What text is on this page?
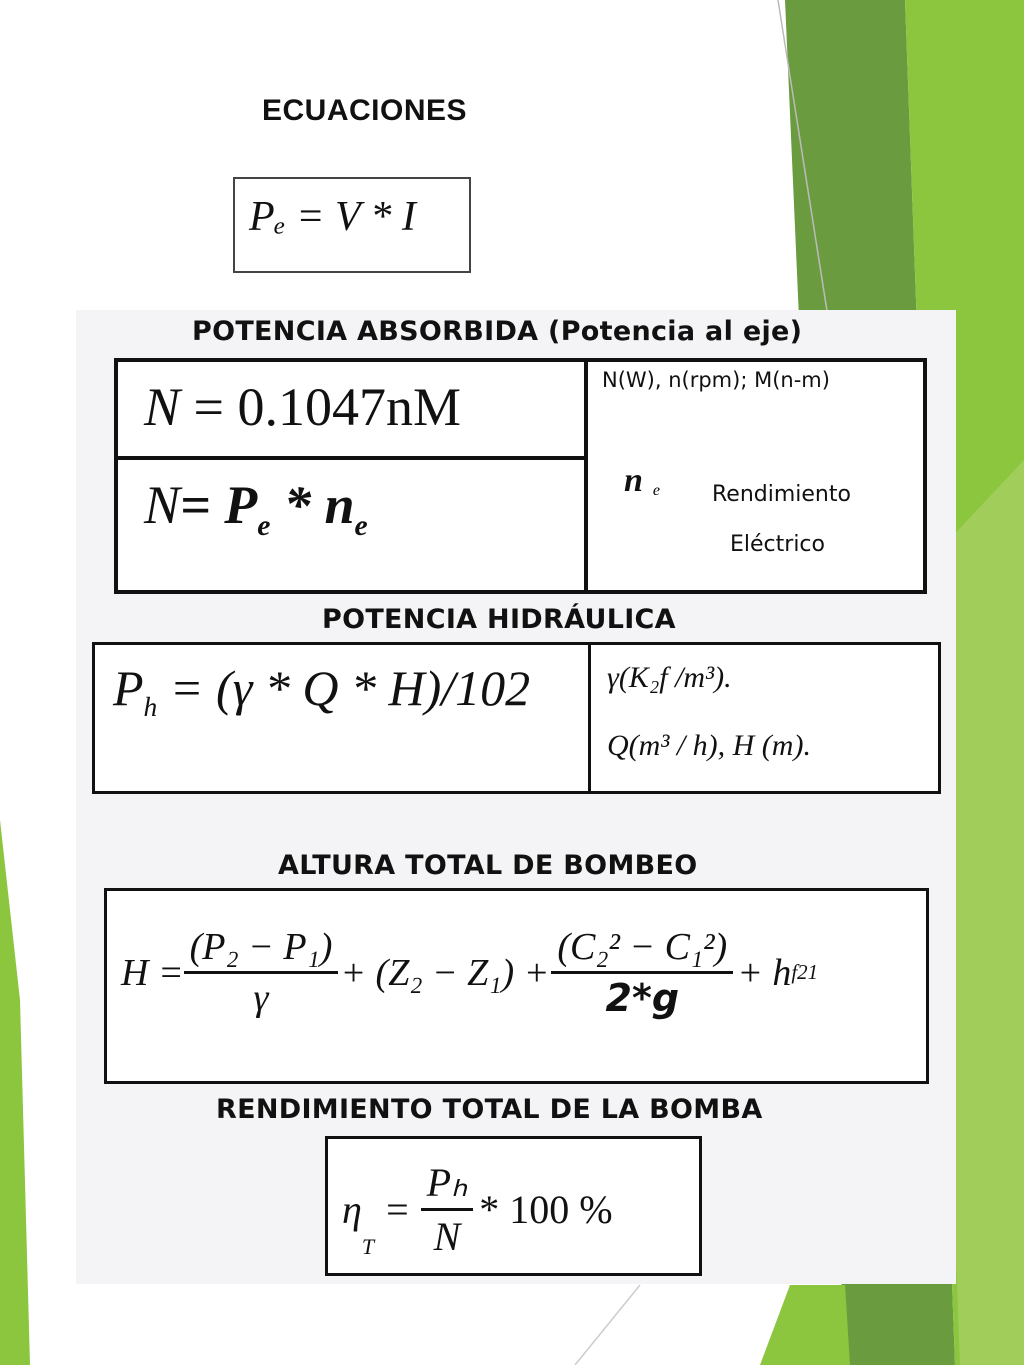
ECUACIONES
Pₑ = V * I
POTENCIA ABSORBIDA (Potencia al eje)
N = 0.1047nM
$N= P_e * n_e$
N(W), n(rpm); M(n-m)
n $_e$ Rendimiento
Eléctrico
POTENCIA HIDRÁULICA
$P_h = (\gamma * Q * H)/102$	γ(K₂f /m³).
Q(m³ / h), H (m).
ALTURA TOTAL DE BOMBEO
$H = \frac{\text{(P₂ − P₁)}}{\gamma} + (Z_2 - Z_1) + \frac{\text{(C₂² − C₁²)}}{2*g} + h$ f21
RENDIMIENTO TOTAL DE LA BOMBA
η
T
= $\frac{\text{Pₕ}}{N} * 100$ %
